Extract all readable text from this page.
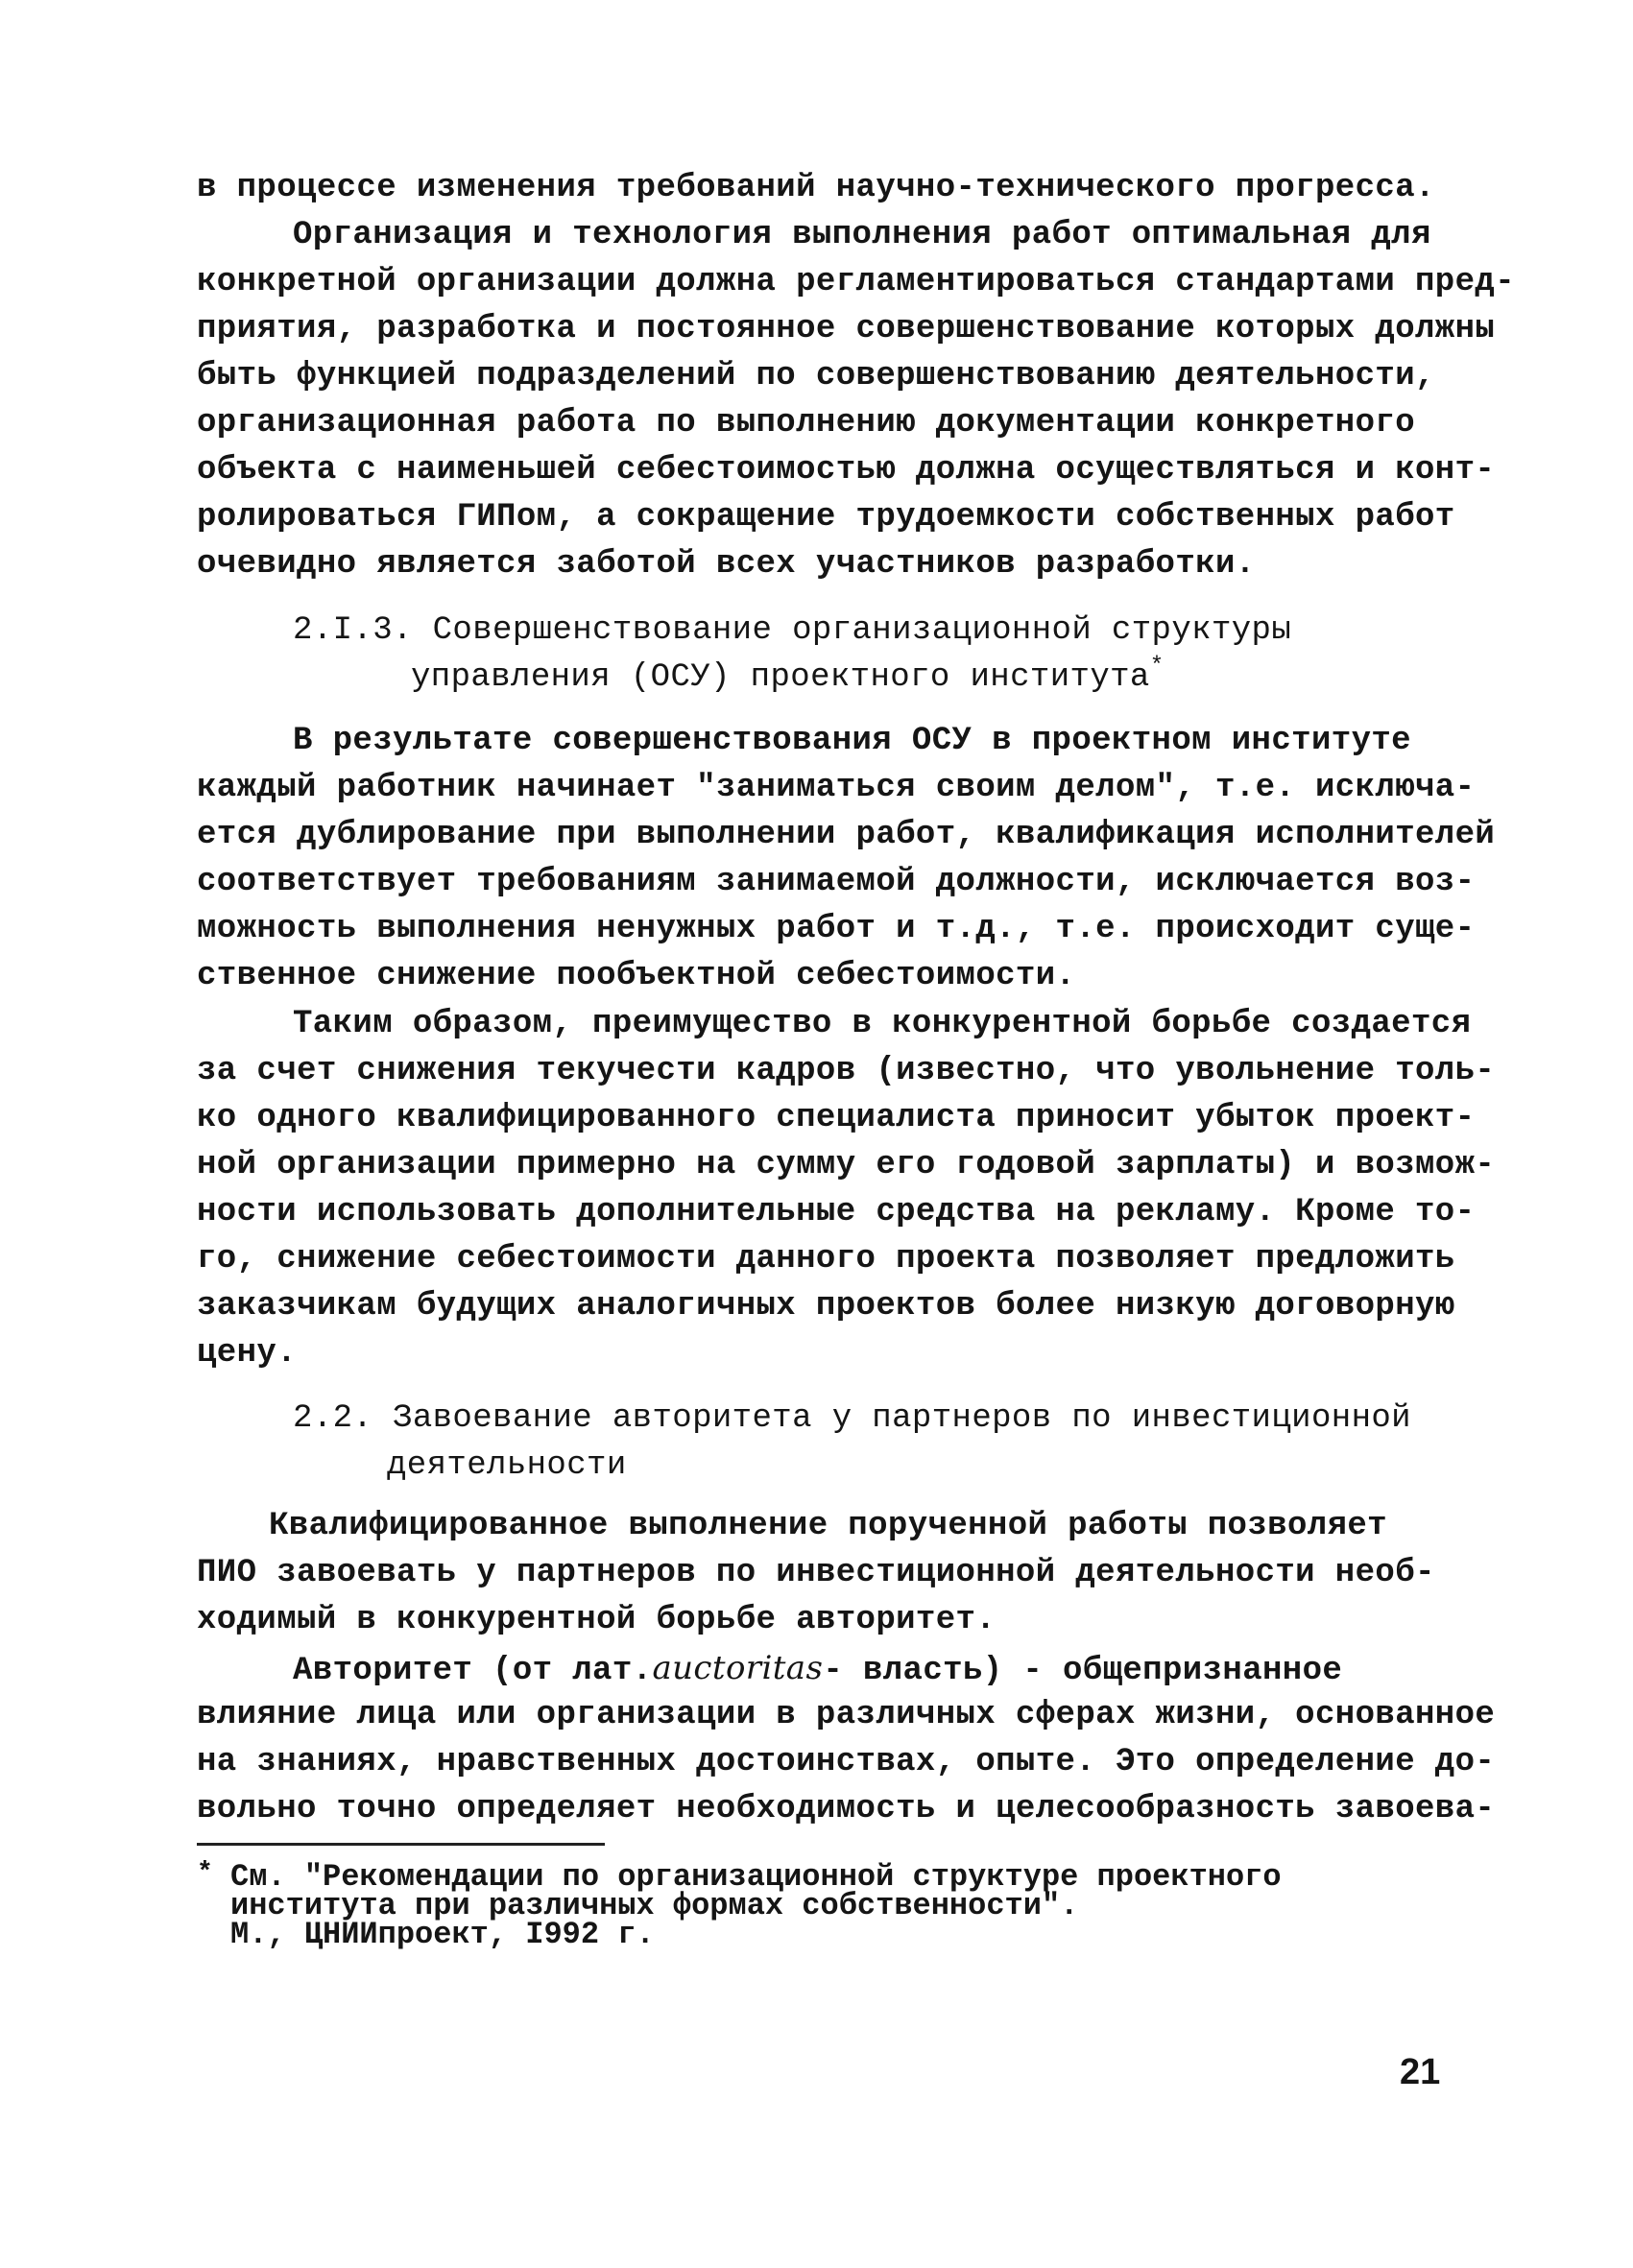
в процессе изменения требований научно-технического прогресса.
Организация и технология выполнения работ оптимальная для
конкретной организации должна регламентироваться стандартами пред-
приятия, разработка и постоянное совершенствование которых должны
быть функцией подразделений по совершенствованию деятельности,
организационная работа по выполнению документации конкретного
объекта с наименьшей себестоимостью должна осуществляться и конт-
ролироваться ГИПом, а сокращение трудоемкости собственных работ
очевидно является заботой всех участников разработки.
2.I.3. Совершенствование организационной структуры
управления (ОСУ) проектного института*
В результате совершенствования ОСУ в проектном институте
каждый работник начинает "заниматься своим делом", т.е. исключа-
ется дублирование при выполнении работ, квалификация исполнителей
соответствует требованиям занимаемой должности, исключается воз-
можность выполнения ненужных работ и т.д., т.е. происходит суще-
ственное снижение пообъектной себестоимости.
Таким образом, преимущество в конкурентной борьбе создается
за счет снижения текучести кадров (известно, что увольнение толь-
ко одного квалифицированного специалиста приносит убыток проект-
ной организации примерно на сумму его годовой зарплаты) и возмож-
ности использовать дополнительные средства на рекламу. Кроме то-
го, снижение себестоимости данного проекта позволяет предложить
заказчикам будущих аналогичных проектов более низкую договорную
цену.
2.2. Завоевание авторитета у партнеров по инвестиционной
деятельности
Квалифицированное выполнение порученной работы позволяет
ПИО завоевать у партнеров по инвестиционной деятельности необ-
ходимый в конкурентной борьбе авторитет.
Авторитет (от лат.auctoritas- власть) - общепризнанное
влияние лица или организации в различных сферах жизни, основанное
на знаниях, нравственных достоинствах, опыте. Это определение до-
вольно точно определяет необходимость и целесообразность завоева-
* См. "Рекомендации по организационной структуре проектного
института при различных формах собственности".
М., ЦНИИпроект, I992 г.
21
